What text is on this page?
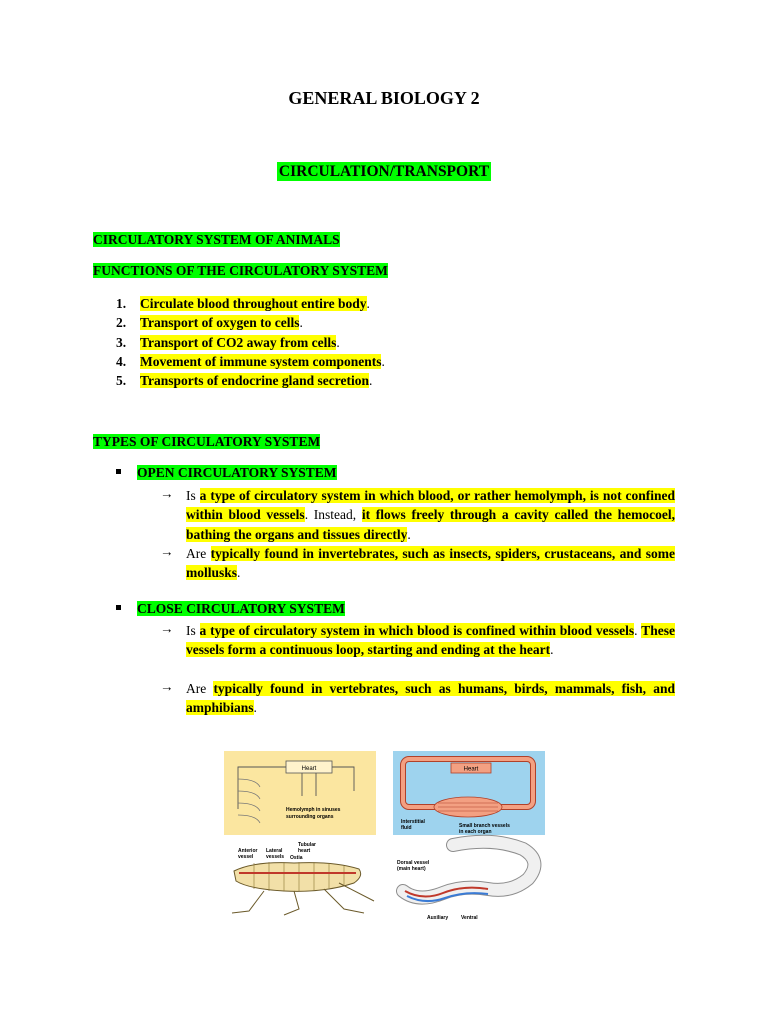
GENERAL BIOLOGY 2
CIRCULATION/TRANSPORT
CIRCULATORY SYSTEM OF ANIMALS
FUNCTIONS OF THE CIRCULATORY SYSTEM
1. Circulate blood throughout entire body.
2. Transport of oxygen to cells.
3. Transport of CO2 away from cells.
4. Movement of immune system components.
5. Transports of endocrine gland secretion.
TYPES OF CIRCULATORY SYSTEM
OPEN CIRCULATORY SYSTEM
→ Is a type of circulatory system in which blood, or rather hemolymph, is not confined within blood vessels. Instead, it flows freely through a cavity called the hemocoel, bathing the organs and tissues directly.
→ Are typically found in invertebrates, such as insects, spiders, crustaceans, and some mollusks.
CLOSE CIRCULATORY SYSTEM
→ Is a type of circulatory system in which blood is confined within blood vessels. These vessels form a continuous loop, starting and ending at the heart.
→ Are typically found in vertebrates, such as humans, birds, mammals, fish, and amphibians.
Heart
Hemolymph in sinuses
surrounding organs
Heart
Interstitial
fluid	Small branch vessels
in each organ
Anterior
vessel
Lateral
vessels
Tubular
heart
Ostia
Dorsal vessel
(main heart)
Auxiliary	Ventral
